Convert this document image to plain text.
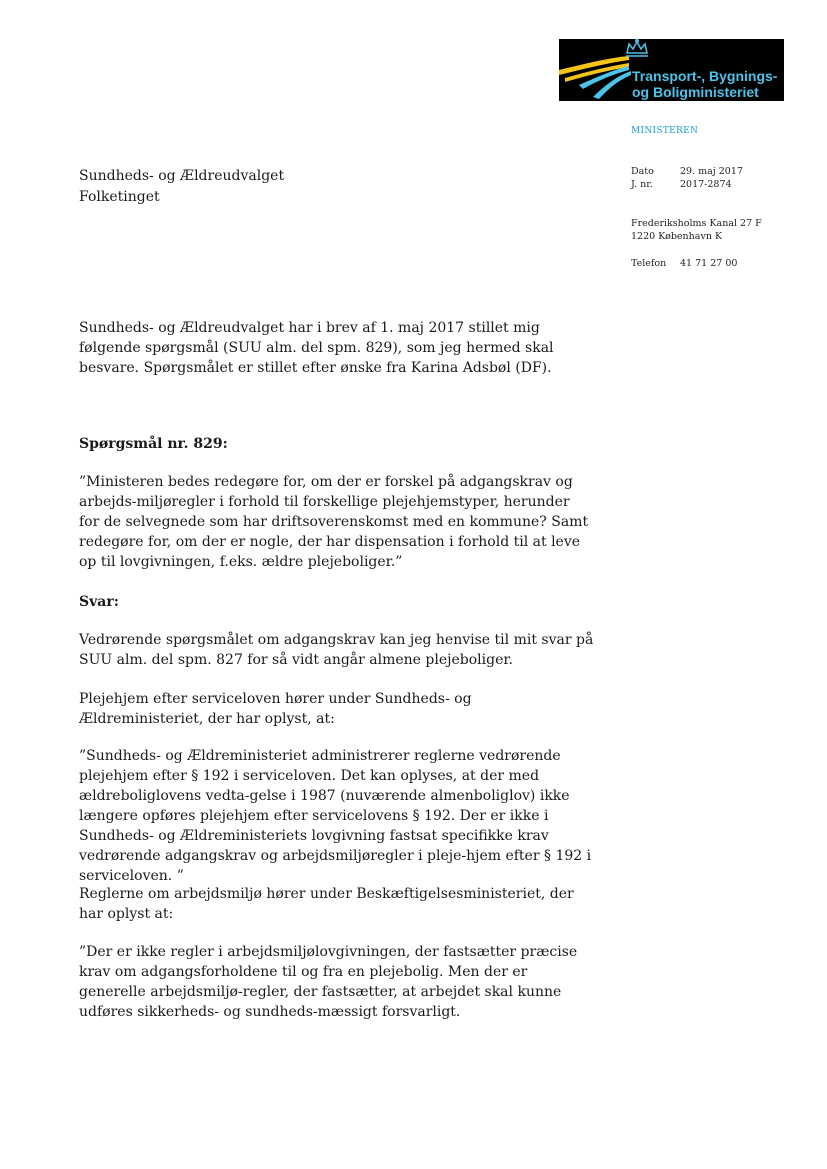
Transport-, Bygnings-
og Boligministeriet
MINISTEREN
Dato	29. maj 2017
J. nr.	2017-2874
Frederiksholms Kanal 27 F
1220 København K
Telefon 41 71 27 00
Sundheds- og Ældreudvalget
Folketinget

Sundheds- og Ældreudvalget har i brev af 1. maj 2017 stillet mig følgende spørgsmål (SUU alm. del spm. 829), som jeg hermed skal besvare. Spørgsmålet er stillet efter ønske fra Karina Adsbøl (DF).

Spørgsmål nr. 829:

”Ministeren bedes redegøre for, om der er forskel på adgangskrav og arbejds-miljøregler i forhold til forskellige plejehjemstyper, herunder for de selvegnede som har driftsoverenskomst med en kommune? Samt redegøre for, om der er nogle, der har dispensation i forhold til at leve op til lovgivningen, f.eks. ældre plejeboliger.”

Svar:

Vedrørende spørgsmålet om adgangskrav kan jeg henvise til mit svar på SUU alm. del spm. 827 for så vidt angår almene plejeboliger.

Plejehjem efter serviceloven hører under Sundheds- og Ældreministeriet, der har oplyst, at:

”Sundheds- og Ældreministeriet administrerer reglerne vedrørende plejehjem efter § 192 i serviceloven. Det kan oplyses, at der med ældreboliglovens vedta-gelse i 1987 (nuværende almenboliglov) ikke længere opføres plejehjem efter servicelovens § 192. Der er ikke i Sundheds- og Ældreministeriets lovgivning fastsat specifikke krav vedrørende adgangskrav og arbejdsmiljøregler i pleje-hjem efter § 192 i serviceloven. ”

Reglerne om arbejdsmiljø hører under Beskæftigelsesministeriet, der har oplyst at:

”Der er ikke regler i arbejdsmiljølovgivningen, der fastsætter præcise krav om adgangsforholdene til og fra en plejebolig. Men der er generelle arbejdsmiljø-regler, der fastsætter, at arbejdet skal kunne udføres sikkerheds- og sundheds-mæssigt forsvarligt.
